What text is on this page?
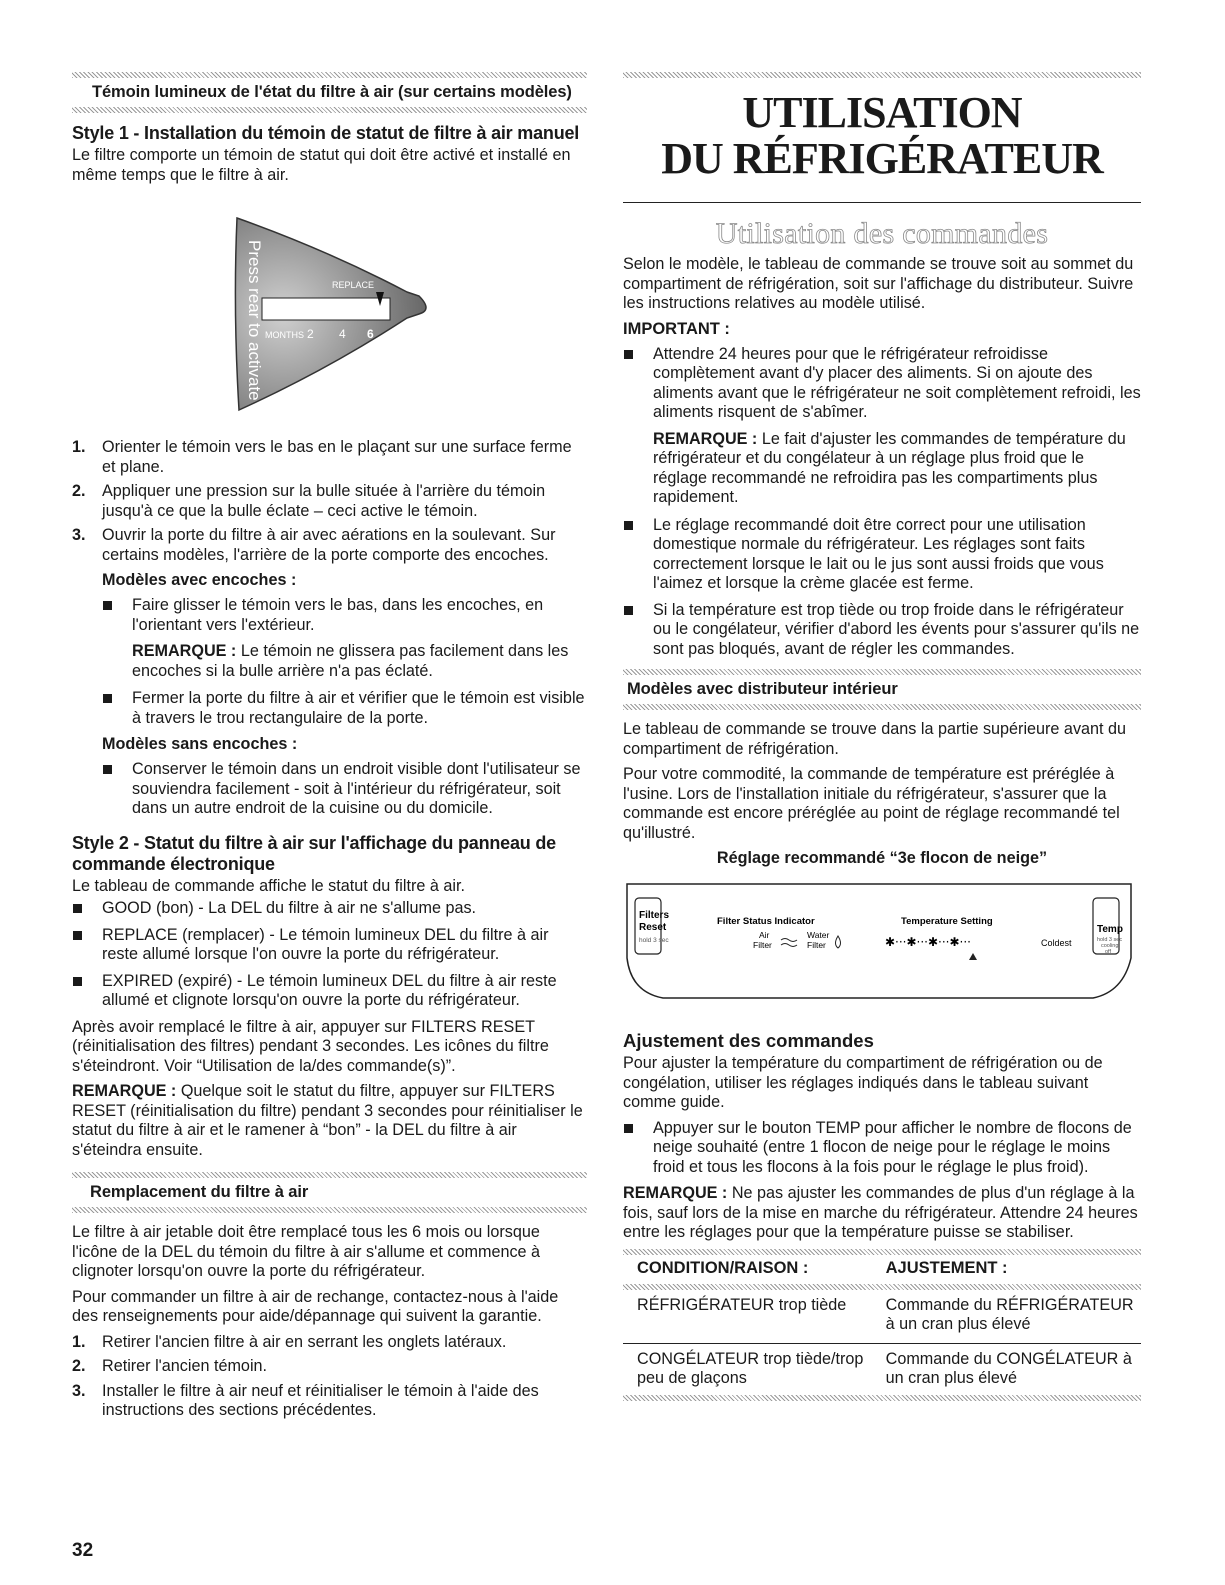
Témoin lumineux de l'état du filtre à air (sur certains modèles)
Style 1 - Installation du témoin de statut de filtre à air manuel

Le filtre comporte un témoin de statut qui doit être activé et installé en même temps que le filtre à air.

REPLACE
MONTHS 2 4 6
Press rear to activate
1. Orienter le témoin vers le bas en le plaçant sur une surface ferme et plane.
2. Appliquer une pression sur la bulle située à l'arrière du témoin jusqu'à ce que la bulle éclate – ceci active le témoin.
3. Ouvrir la porte du filtre à air avec aérations en la soulevant. Sur certains modèles, l'arrière de la porte comporte des encoches.
Modèles avec encoches :
Faire glisser le témoin vers le bas, dans les encoches, en l'orientant vers l'extérieur.

REMARQUE : Le témoin ne glissera pas facilement dans les encoches si la bulle arrière n'a pas éclaté.

Fermer la porte du filtre à air et vérifier que le témoin est visible à travers le trou rectangulaire de la porte.
Modèles sans encoches :
Conserver le témoin dans un endroit visible dont l'utilisateur se souviendra facilement - soit à l'intérieur du réfrigérateur, soit dans un autre endroit de la cuisine ou du domicile.
Style 2 - Statut du filtre à air sur l'affichage du panneau de commande électronique

Le tableau de commande affiche le statut du filtre à air.

GOOD (bon) - La DEL du filtre à air ne s'allume pas.
REPLACE (remplacer) - Le témoin lumineux DEL du filtre à air reste allumé lorsque l'on ouvre la porte du réfrigérateur.
EXPIRED (expiré) - Le témoin lumineux DEL du filtre à air reste allumé et clignote lorsqu'on ouvre la porte du réfrigérateur.

Après avoir remplacé le filtre à air, appuyer sur FILTERS RESET (réinitialisation des filtres) pendant 3 secondes. Les icônes du filtre s'éteindront. Voir “Utilisation de la/des commande(s)”.

REMARQUE : Quelque soit le statut du filtre, appuyer sur FILTERS RESET (réinitialisation du filtre) pendant 3 secondes pour réinitialiser le statut du filtre à air et le ramener à “bon” - la DEL du filtre à air s'éteindra ensuite.

Remplacement du filtre à air

Le filtre à air jetable doit être remplacé tous les 6 mois ou lorsque l'icône de la DEL du témoin du filtre à air s'allume et commence à clignoter lorsqu'on ouvre la porte du réfrigérateur.

Pour commander un filtre à air de rechange, contactez-nous à l'aide des renseignements pour aide/dépannage qui suivent la garantie.

1. Retirer l'ancien filtre à air en serrant les onglets latéraux.
2. Retirer l'ancien témoin.
3. Installer le filtre à air neuf et réinitialiser le témoin à l'aide des instructions des sections précédentes.
UTILISATION
DU RÉFRIGÉRATEUR
Utilisation des commandes

Selon le modèle, le tableau de commande se trouve soit au sommet du compartiment de réfrigération, soit sur l'affichage du distributeur. Suivre les instructions relatives au modèle utilisé.

IMPORTANT :
Attendre 24 heures pour que le réfrigérateur refroidisse complètement avant d'y placer des aliments. Si on ajoute des aliments avant que le réfrigérateur ne soit complètement refroidi, les aliments risquent de s'abîmer.

REMARQUE : Le fait d'ajuster les commandes de température du réfrigérateur et du congélateur à un réglage plus froid que le réglage recommandé ne refroidira pas les compartiments plus rapidement.

Le réglage recommandé doit être correct pour une utilisation domestique normale du réfrigérateur. Les réglages sont faits correctement lorsque le lait ou le jus sont aussi froids que vous l'aimez et lorsque la crème glacée est ferme.
Si la température est trop tiède ou trop froide dans le réfrigérateur ou le congélateur, vérifier d'abord les évents pour s'assurer qu'ils ne sont pas bloqués, avant de régler les commandes.
Modèles avec distributeur intérieur

Le tableau de commande se trouve dans la partie supérieure avant du compartiment de réfrigération.

Pour votre commodité, la commande de température est préréglée à l'usine. Lors de l'installation initiale du réfrigérateur, s'assurer que la commande est encore préréglée au point de réglage recommandé tel qu'illustré.

Réglage recommandé “3e flocon de neige”
Filters
Reset
hold 3 sec
Filter Status Indicator
Air
Filter
Water
Filter
Temperature Setting
✱···✱···✱···✱···	Coldest
Temp
hold 3 sec
cooling
off
Ajustement des commandes

Pour ajuster la température du compartiment de réfrigération ou de congélation, utiliser les réglages indiqués dans le tableau suivant comme guide.

Appuyer sur le bouton TEMP pour afficher le nombre de flocons de neige souhaité (entre 1 flocon de neige pour le réglage le moins froid et tous les flocons à la fois pour le réglage le plus froid).

REMARQUE : Ne pas ajuster les commandes de plus d'un réglage à la fois, sauf lors de la mise en marche du réfrigérateur. Attendre 24 heures entre les réglages pour que la température puisse se stabiliser.

CONDITION/RAISON :	AJUSTEMENT :

RÉFRIGÉRATEUR trop tiède	Commande du RÉFRIGÉRATEUR à un cran plus élevé
CONGÉLATEUR trop tiède/trop peu de glaçons	Commande du CONGÉLATEUR à un cran plus élevé
32
